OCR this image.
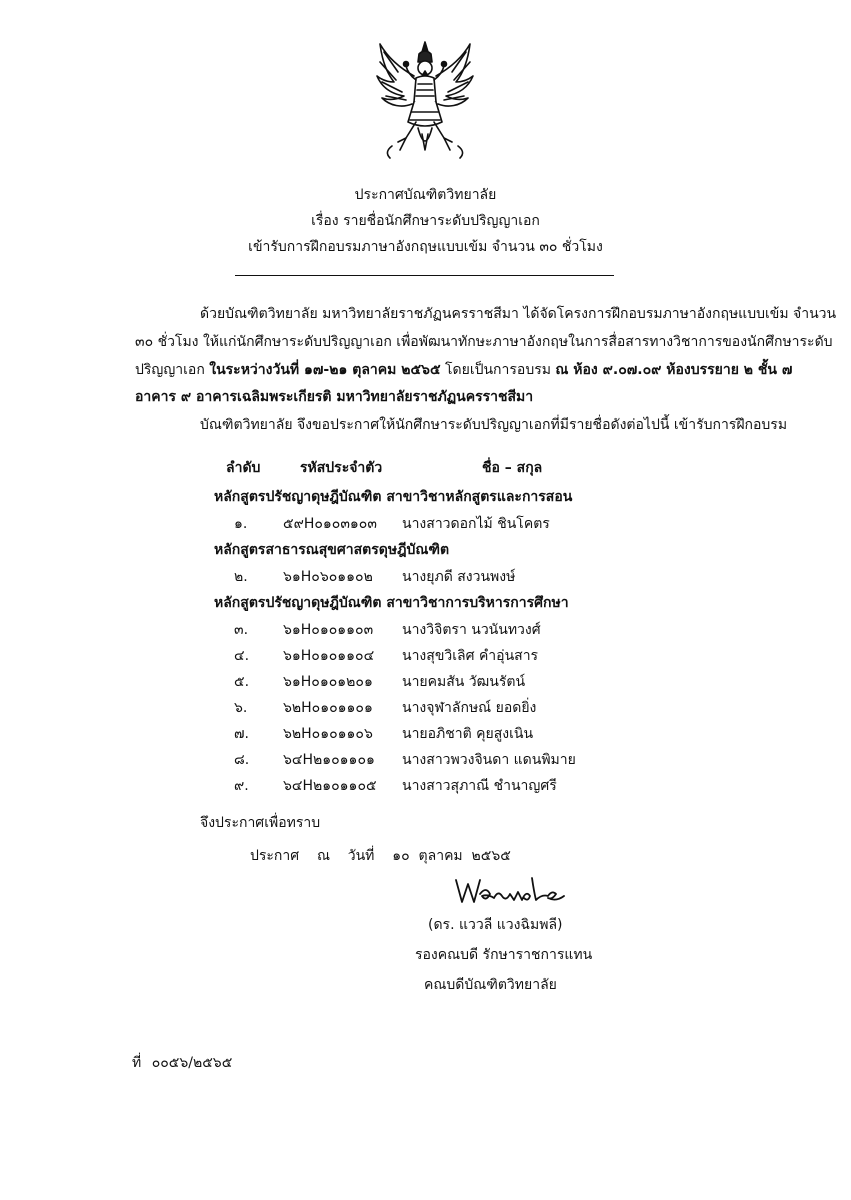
ประกาศบัณฑิตวิทยาลัย
เรื่อง รายชื่อนักศึกษาระดับปริญญาเอก
เข้ารับการฝึกอบรมภาษาอังกฤษแบบเข้ม จำนวน ๓๐ ชั่วโมง
ด้วยบัณฑิตวิทยาลัย มหาวิทยาลัยราชภัฏนครราชสีมา ได้จัดโครงการฝึกอบรมภาษาอังกฤษแบบเข้ม จำนวน
๓๐ ชั่วโมง ให้แก่นักศึกษาระดับปริญญาเอก เพื่อพัฒนาทักษะภาษาอังกฤษในการสื่อสารทางวิชาการของนักศึกษาระดับ
ปริญญาเอก ในระหว่างวันที่ ๑๗-๒๑ ตุลาคม ๒๕๖๕ โดยเป็นการอบรม ณ ห้อง ๙.๐๗.๐๙ ห้องบรรยาย ๒ ชั้น ๗
อาคาร ๙ อาคารเฉลิมพระเกียรติ มหาวิทยาลัยราชภัฏนครราชสีมา
บัณฑิตวิทยาลัย จึงขอประกาศให้นักศึกษาระดับปริญญาเอกที่มีรายชื่อดังต่อไปนี้ เข้ารับการฝึกอบรม
ลำดับ	รหัสประจำตัว	ชื่อ – สกุล
หลักสูตรปรัชญาดุษฎีบัณฑิต สาขาวิชาหลักสูตรและการสอน
๑.	๕๙H๐๑๐๓๑๐๓ นางสาวดอกไม้ ชินโคตร
หลักสูตรสาธารณสุขศาสตรดุษฎีบัณฑิต
๒.	๖๑H๐๖๐๑๑๐๒ นางยุภดี สงวนพงษ์
หลักสูตรปรัชญาดุษฎีบัณฑิต สาขาวิชาการบริหารการศึกษา
๓. ๖๑H๐๑๐๑๑๐๓ นางวิจิตรา นวนันทวงศ์
๔. ๖๑H๐๑๐๑๑๐๔ นางสุขวิเลิศ คำอุ่นสาร
๕. ๖๑H๐๑๐๑๒๐๑ นายคมสัน วัฒนรัตน์
๖.	๖๒H๐๑๐๑๑๐๑ นางจุฬาลักษณ์ ยอดยิ่ง
๗. ๖๒H๐๑๐๑๑๐๖ นายอภิชาติ คุยสูงเนิน
๘. ๖๔H๒๑๐๑๑๐๑ นางสาวพวงจินดา แดนพิมาย
๙. ๖๔H๒๑๐๑๑๐๕ นางสาวสุภาณี ชำนาญศรี
จึงประกาศเพื่อทราบ
ประกาศ    ณ    วันที่    ๑๐  ตุลาคม  ๒๕๖๕
(ดร. แววลี แวงฉิมพลี)
รองคณบดี รักษาราชการแทน
คณบดีบัณฑิตวิทยาลัย
ที่ ๐๐๕๖/๒๕๖๕
